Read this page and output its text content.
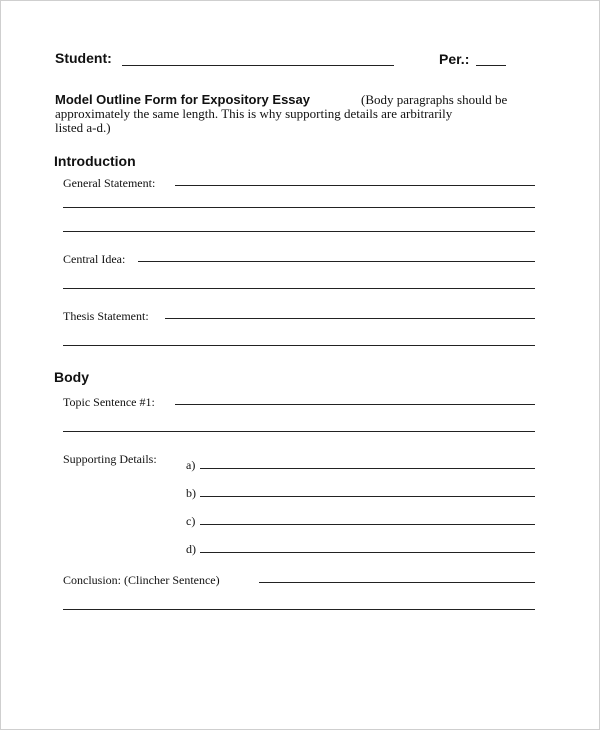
Student:	Per.:
Model Outline Form for Expository Essay	(Body paragraphs should be
approximately the same length. This is why supporting details are arbitrarily
listed a-d.)
Introduction
General Statement:
Central Idea:
Thesis Statement:
Body
Topic Sentence #1:
Supporting Details: a)
b)
c)
d)
Conclusion: (Clincher Sentence)
